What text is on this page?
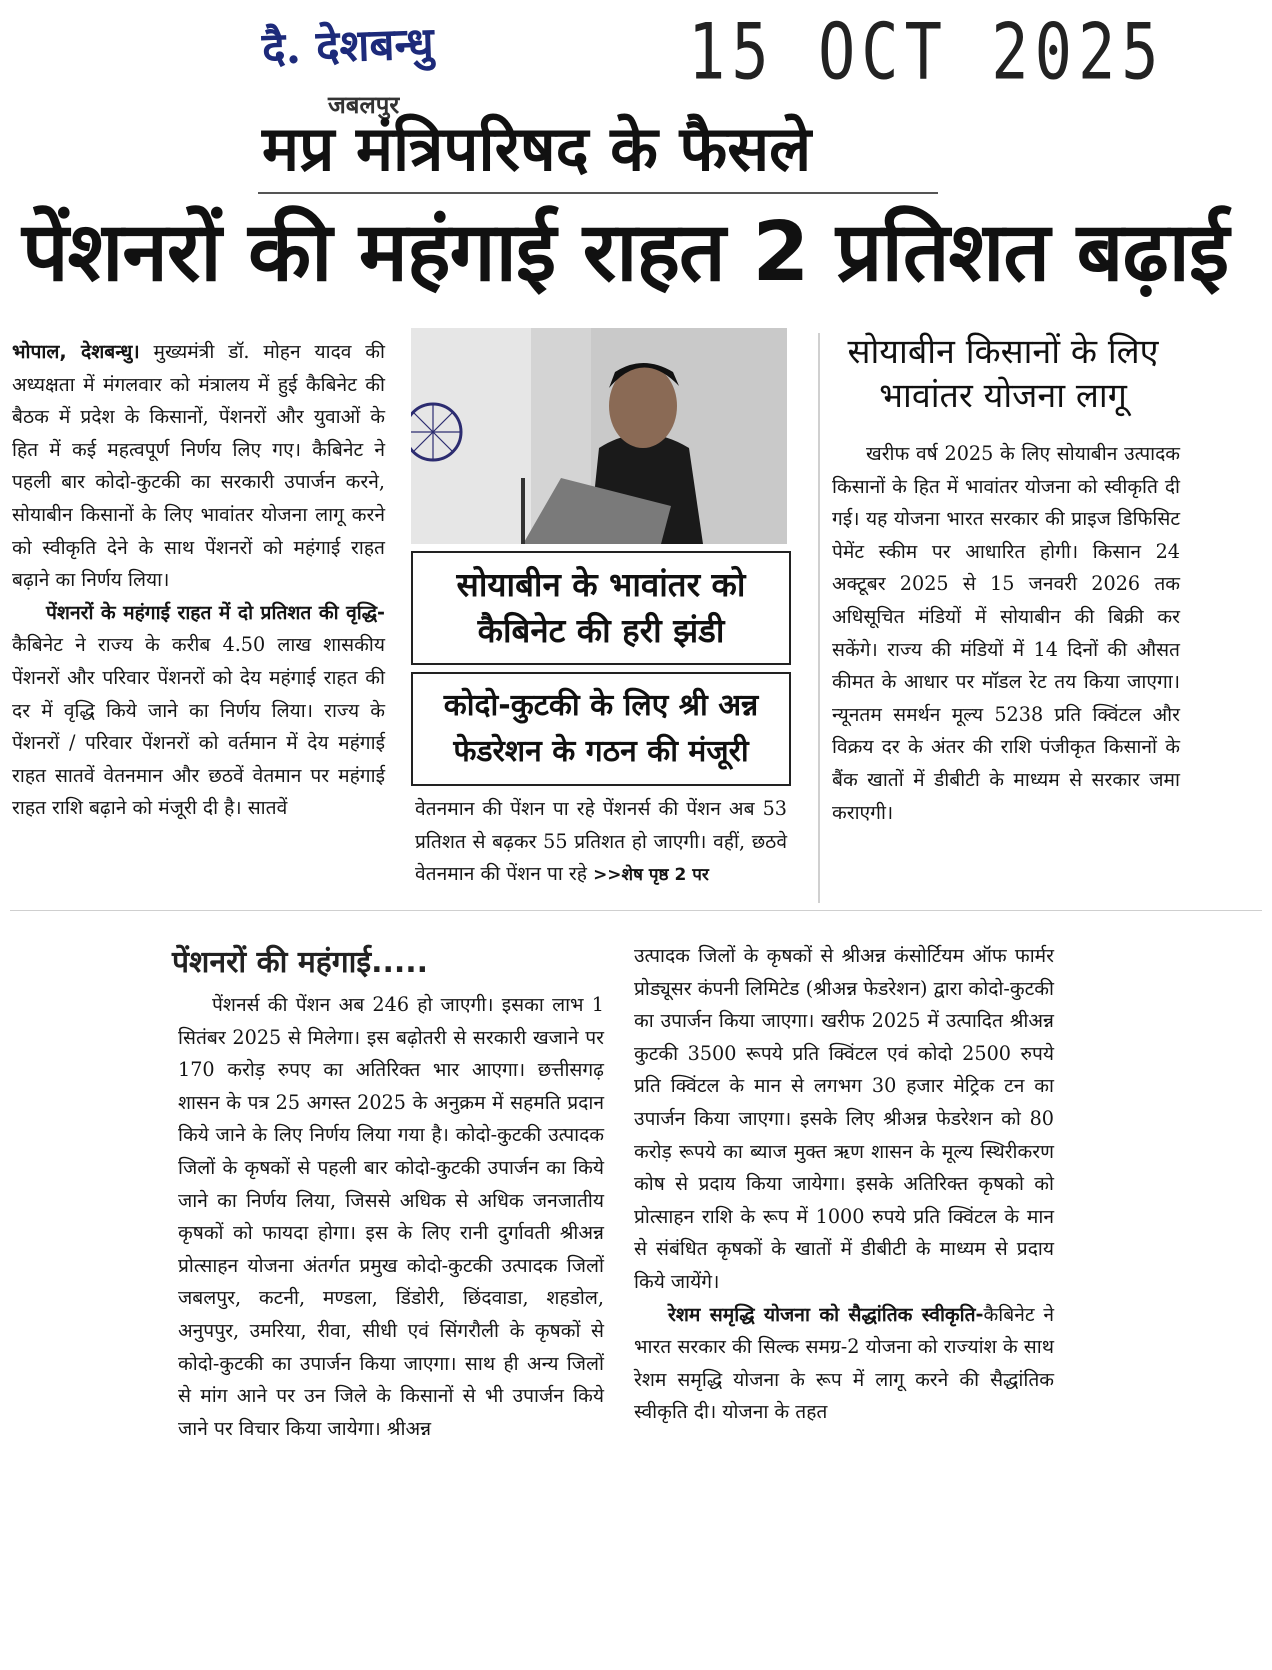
दै. देशबन्धु	15 OCT 2025
जबलपुर
मप्र मंत्रिपरिषद के फैसले
पेंशनरों की महंगाई राहत 2 प्रतिशत बढ़ाई

भोपाल, देशबन्धु। मुख्यमंत्री डॉ. मोहन यादव की अध्यक्षता में मंगलवार को मंत्रालय में हुई कैबिनेट की बैठक में प्रदेश के किसानों, पेंशनरों और युवाओं के हित में कई महत्वपूर्ण निर्णय लिए गए। कैबिनेट ने पहली बार कोदो-कुटकी का सरकारी उपार्जन करने, सोयाबीन किसानों के लिए भावांतर योजना लागू करने को स्वीकृति देने के साथ पेंशनरों को महंगाई राहत बढ़ाने का निर्णय लिया।

पेंशनरों के महंगाई राहत में दो प्रतिशत की वृद्धि-कैबिनेट ने राज्य के करीब 4.50 लाख शासकीय पेंशनरों और परिवार पेंशनरों को देय महंगाई राहत की दर में वृद्धि किये जाने का निर्णय लिया। राज्य के पेंशनरों / परिवार पेंशनरों को वर्तमान में देय महंगाई राहत सातवें वेतनमान और छठवें वेतमान पर महंगाई राहत राशि बढ़ाने को मंजूरी दी है। सातवें

सोयाबीन के भावांतर को कैबिनेट की हरी झंडी
कोदो-कुटकी के लिए श्री अन्न फेडरेशन के गठन की मंजूरी

वेतनमान की पेंशन पा रहे पेंशनर्स की पेंशन अब 53 प्रतिशत से बढ़कर 55 प्रतिशत हो जाएगी। वहीं, छठवे वेतनमान की पेंशन पा रहे >>शेष पृष्ठ 2 पर

सोयाबीन किसानों के लिए भावांतर योजना लागू

खरीफ वर्ष 2025 के लिए सोयाबीन उत्पादक किसानों के हित में भावांतर योजना को स्वीकृति दी गई। यह योजना भारत सरकार की प्राइज डिफिसिट पेमेंट स्कीम पर आधारित होगी। किसान 24 अक्टूबर 2025 से 15 जनवरी 2026 तक अधिसूचित मंडियों में सोयाबीन की बिक्री कर सकेंगे। राज्य की मंडियों में 14 दिनों की औसत कीमत के आधार पर मॉडल रेट तय किया जाएगा। न्यूनतम समर्थन मूल्य 5238 प्रति क्विंटल और विक्रय दर के अंतर की राशि पंजीकृत किसानों के बैंक खातों में डीबीटी के माध्यम से सरकार जमा कराएगी।

पेंशनरों की महंगाई.....

पेंशनर्स की पेंशन अब 246 हो जाएगी। इसका लाभ 1 सितंबर 2025 से मिलेगा। इस बढ़ोतरी से सरकारी खजाने पर 170 करोड़ रुपए का अतिरिक्त भार आएगा। छत्तीसगढ़ शासन के पत्र 25 अगस्त 2025 के अनुक्रम में सहमति प्रदान किये जाने के लिए निर्णय लिया गया है। कोदो-कुटकी उत्पादक जिलों के कृषकों से पहली बार कोदो-कुटकी उपार्जन का किये जाने का निर्णय लिया, जिससे अधिक से अधिक जनजातीय कृषकों को फायदा होगा। इस के लिए रानी दुर्गावती श्रीअन्न प्रोत्साहन योजना अंतर्गत प्रमुख कोदो-कुटकी उत्पादक जिलों जबलपुर, कटनी, मण्डला, डिंडोरी, छिंदवाडा, शहडोल, अनुपपुर, उमरिया, रीवा, सीधी एवं सिंगरौली के कृषकों से कोदो-कुटकी का उपार्जन किया जाएगा। साथ ही अन्य जिलों से मांग आने पर उन जिले के किसानों से भी उपार्जन किये जाने पर विचार किया जायेगा। श्रीअन्न

उत्पादक जिलों के कृषकों से श्रीअन्न कंसोर्टियम ऑफ फार्मर प्रोड्यूसर कंपनी लिमिटेड (श्रीअन्न फेडरेशन) द्वारा कोदो-कुटकी का उपार्जन किया जाएगा। खरीफ 2025 में उत्पादित श्रीअन्न कुटकी 3500 रूपये प्रति क्विंटल एवं कोदो 2500 रुपये प्रति क्विंटल के मान से लगभग 30 हजार मेट्रिक टन का उपार्जन किया जाएगा। इसके लिए श्रीअन्न फेडरेशन को 80 करोड़ रूपये का ब्याज मुक्त ऋण शासन के मूल्य स्थिरीकरण कोष से प्रदाय किया जायेगा। इसके अतिरिक्त कृषको को प्रोत्साहन राशि के रूप में 1000 रुपये प्रति क्विंटल के मान से संबंधित कृषकों के खातों में डीबीटी के माध्यम से प्रदाय किये जायेंगे।

रेशम समृद्धि योजना को सैद्धांतिक स्वीकृति-कैबिनेट ने भारत सरकार की सिल्क समग्र-2 योजना को राज्यांश के साथ रेशम समृद्धि योजना के रूप में लागू करने की सैद्धांतिक स्वीकृति दी। योजना के तहत
